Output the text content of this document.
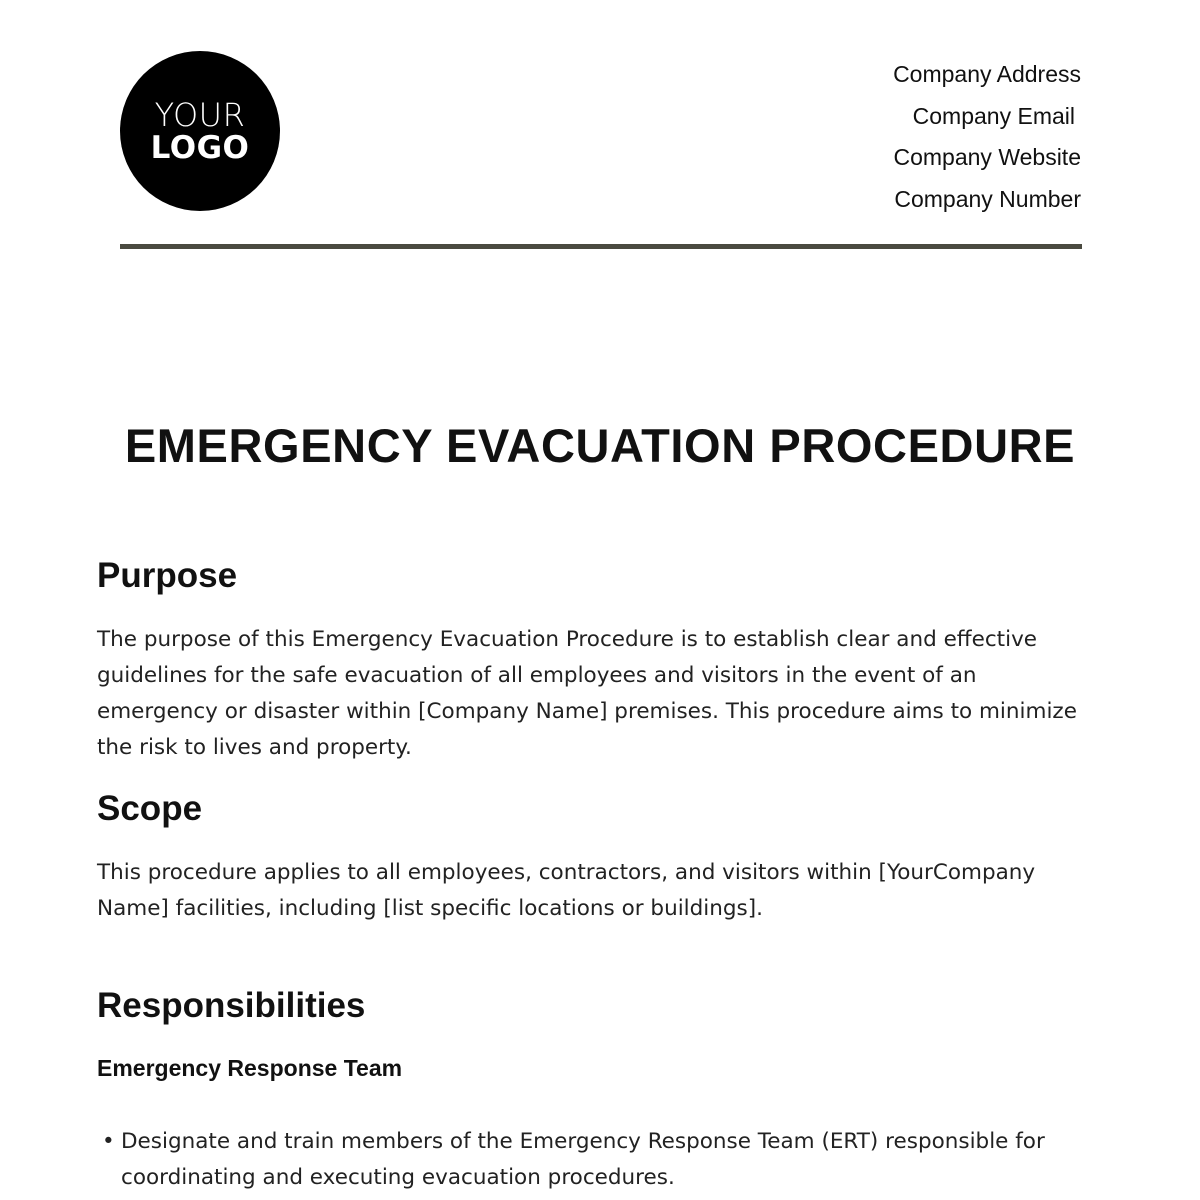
YOUR
LOGO
Company Address
Company Email
Company Website
Company Number
EMERGENCY EVACUATION PROCEDURE
Purpose

The purpose of this Emergency Evacuation Procedure is to establish clear and effective guidelines for the safe evacuation of all employees and visitors in the event of an emergency or disaster within [Company Name] premises. This procedure aims to minimize the risk to lives and property.

Scope

This procedure applies to all employees, contractors, and visitors within [YourCompany Name] facilities, including [list specific locations or buildings].

Responsibilities
Emergency Response Team
• Designate and train members of the Emergency Response Team (ERT) responsible for coordinating and executing evacuation procedures.
